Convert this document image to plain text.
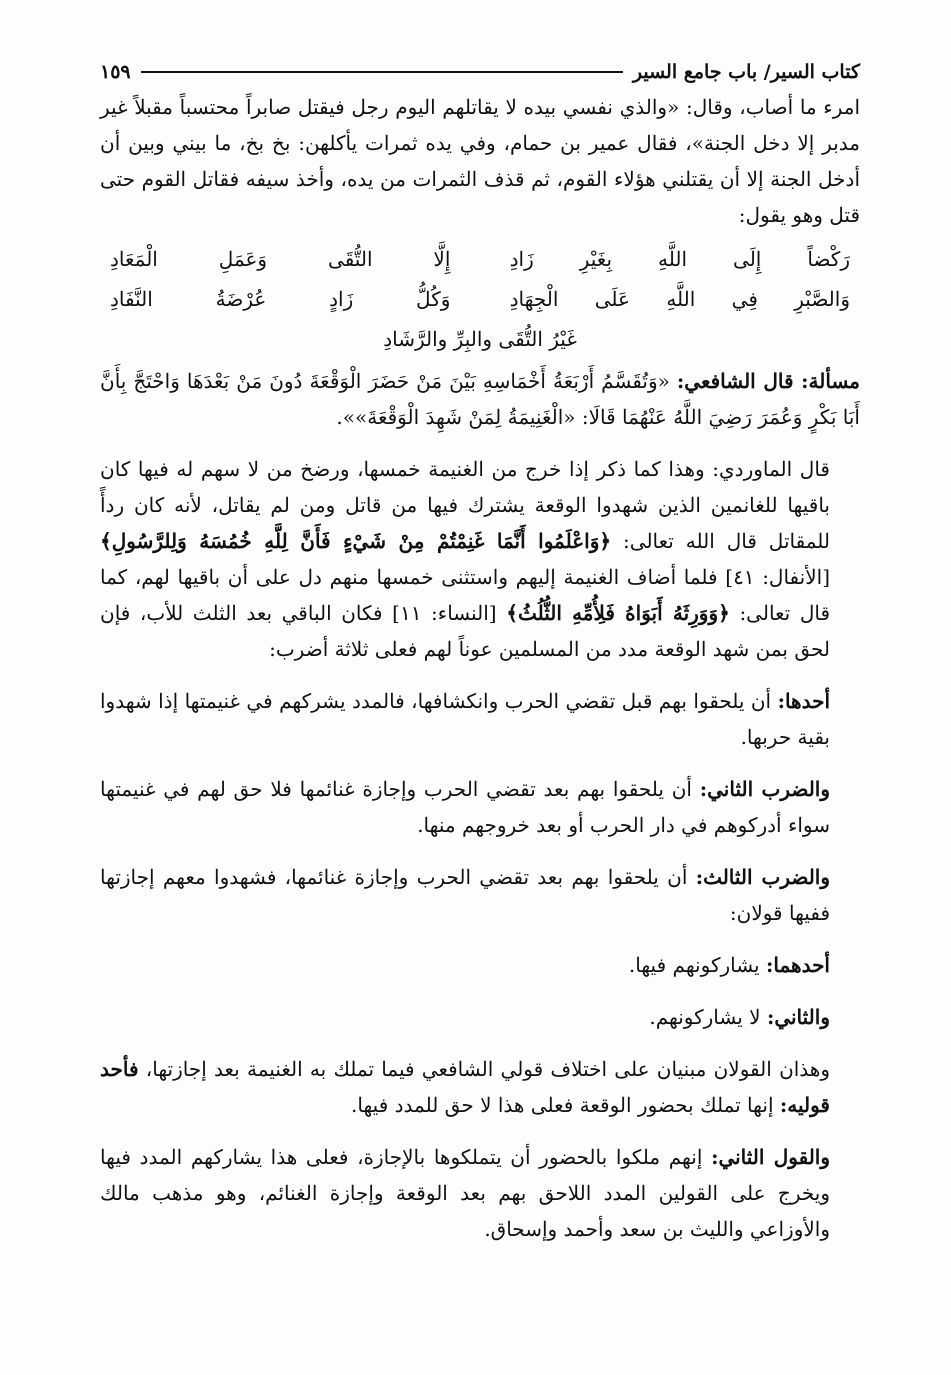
كتاب السير/ باب جامع السير
١٥٩

امرء ما أصاب، وقال: «والذي نفسي بيده لا يقاتلهم اليوم رجل فيقتل صابراً محتسباً مقبلاً غير مدبر إلا دخل الجنة»، فقال عمير بن حمام، وفي يده ثمرات يأكلهن: بخ بخ، ما بيني وبين أن أدخل الجنة إلا أن يقتلني هؤلاء القوم، ثم قذف الثمرات من يده، وأخذ سيفه فقاتل القوم حتى قتل وهو يقول:

رَكْضاً إِلَى اللَّهِ بِغَيْرِ زَادِ
إِلَّا التُّقَى وَعَمَلِ الْمَعَادِ
وَالصَّبْرِ فِي اللَّهِ عَلَى الْجِهَادِ
وَكُلُّ زَادٍ عُرْضَةُ النَّفَادِ
غَيْرُ التُّقَى والبِرِّ والرَّشَادِ

مسألة: قال الشافعي: «وَتُقَسَّمُ أَرْبَعَةُ أَخْمَاسِهِ بَيْنَ مَنْ حَضَرَ الْوَقْعَةَ دُونَ مَنْ بَعْدَهَا وَاحْتَجَّ بِأَنَّ أَبَا بَكْرٍ وَعُمَرَ رَضِيَ اللَّهُ عَنْهُمَا قَالَا: «الْغَنِيمَةُ لِمَنْ شَهِدَ الْوَقْعَةَ»».

قال الماوردي: وهذا كما ذكر إذا خرج من الغنيمة خمسها، ورضخ من لا سهم له فيها كان باقيها للغانمين الذين شهدوا الوقعة يشترك فيها من قاتل ومن لم يقاتل، لأنه كان ردأً للمقاتل قال الله تعالى: ﴿وَاعْلَمُوا أَنَّمَا غَنِمْتُمْ مِنْ شَيْءٍ فَأَنَّ لِلَّهِ خُمُسَهُ وَلِلرَّسُولِ﴾ [الأنفال: ٤١] فلما أضاف الغنيمة إليهم واستثنى خمسها منهم دل على أن باقيها لهم، كما قال تعالى: ﴿وَوَرِثَهُ أَبَوَاهُ فَلِأُمِّهِ الثُّلُثُ﴾ [النساء: ١١] فكان الباقي بعد الثلث للأب، فإن لحق بمن شهد الوقعة مدد من المسلمين عوناً لهم فعلى ثلاثة أضرب:

أحدها: أن يلحقوا بهم قبل تقضي الحرب وانكشافها، فالمدد يشركهم في غنيمتها إذا شهدوا بقية حربها.

والضرب الثاني: أن يلحقوا بهم بعد تقضي الحرب وإجازة غنائمها فلا حق لهم في غنيمتها سواء أدركوهم في دار الحرب أو بعد خروجهم منها.

والضرب الثالث: أن يلحقوا بهم بعد تقضي الحرب وإجازة غنائمها، فشهدوا معهم إجازتها ففيها قولان:

أحدهما: يشاركونهم فيها.

والثاني: لا يشاركونهم.

وهذان القولان مبنيان على اختلاف قولي الشافعي فيما تملك به الغنيمة بعد إجازتها، فأحد قوليه: إنها تملك بحضور الوقعة فعلى هذا لا حق للمدد فيها.

والقول الثاني: إنهم ملكوا بالحضور أن يتملكوها بالإجازة، فعلى هذا يشاركهم المدد فيها ويخرج على القولين المدد اللاحق بهم بعد الوقعة وإجازة الغنائم، وهو مذهب مالك والأوزاعي والليث بن سعد وأحمد وإسحاق.
